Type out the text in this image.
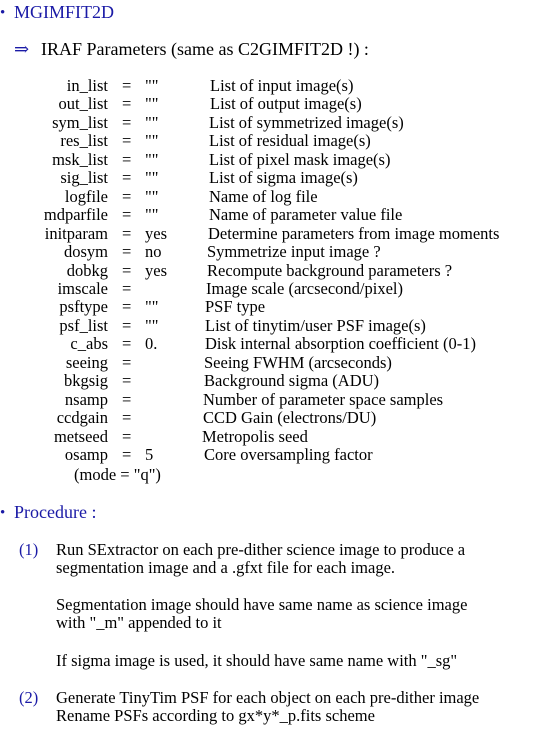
• MGIMFIT2D
⇒ IRAF Parameters (same as C2GIMFIT2D !) :
in_list = ""	List of input image(s)
out_list = ""	List of output image(s)
sym_list = ""	List of symmetrized image(s)
res_list = ""	List of residual image(s)
msk_list = ""	List of pixel mask image(s)
sig_list = ""	List of sigma image(s)
logfile = ""	Name of log file
mdparfile = ""	Name of parameter value file
initparam = yes Determine parameters from image moments
dosym = no	Symmetrize input image ?
dobkg = yes Recompute background parameters ?
imscale =	Image scale (arcsecond/pixel)
psftype = ""	PSF type
psf_list = ""	List of tinytim/user PSF image(s)
c_abs = 0.	Disk internal absorption coefficient (0-1)
seeing =	Seeing FWHM (arcseconds)
bkgsig =	Background sigma (ADU)
nsamp =	Number of parameter space samples
ccdgain =	CCD Gain (electrons/DU)
metseed =	Metropolis seed
osamp = 5	Core oversampling factor
(mode = "q")
• Procedure :
(1) Run SExtractor on each pre-dither science image to produce a
segmentation image and a .gfxt file for each image.
Segmentation image should have same name as science image
with "_m" appended to it
If sigma image is used, it should have same name with "_sg"
(2) Generate TinyTim PSF for each object on each pre-dither image
Rename PSFs according to gx*y*_p.fits scheme
